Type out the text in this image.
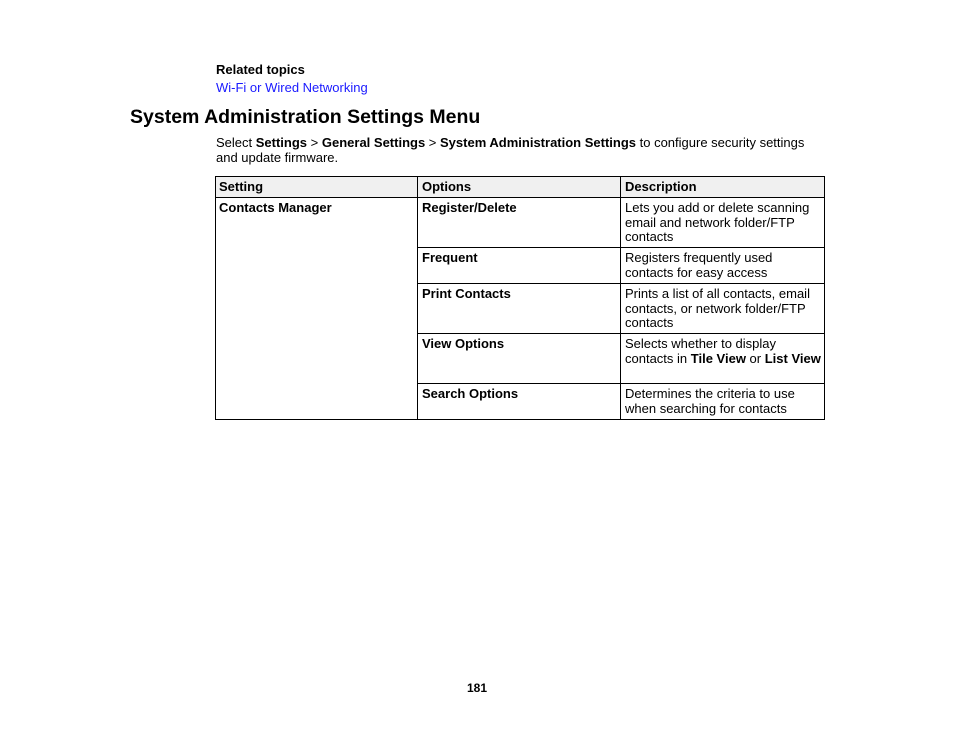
Related topics
Wi-Fi or Wired Networking
System Administration Settings Menu

Select Settings > General Settings > System Administration Settings to configure security settings and update firmware.

Setting	Options	Description
Contacts Manager	Register/Delete	Lets you add or delete scanning email and network folder/FTP contacts
	Frequent	Registers frequently used contacts for easy access
	Print Contacts	Prints a list of all contacts, email contacts, or network folder/FTP contacts
	View Options	Selects whether to display contacts in Tile View or List View
	Search Options	Determines the criteria to use when searching for contacts
181
